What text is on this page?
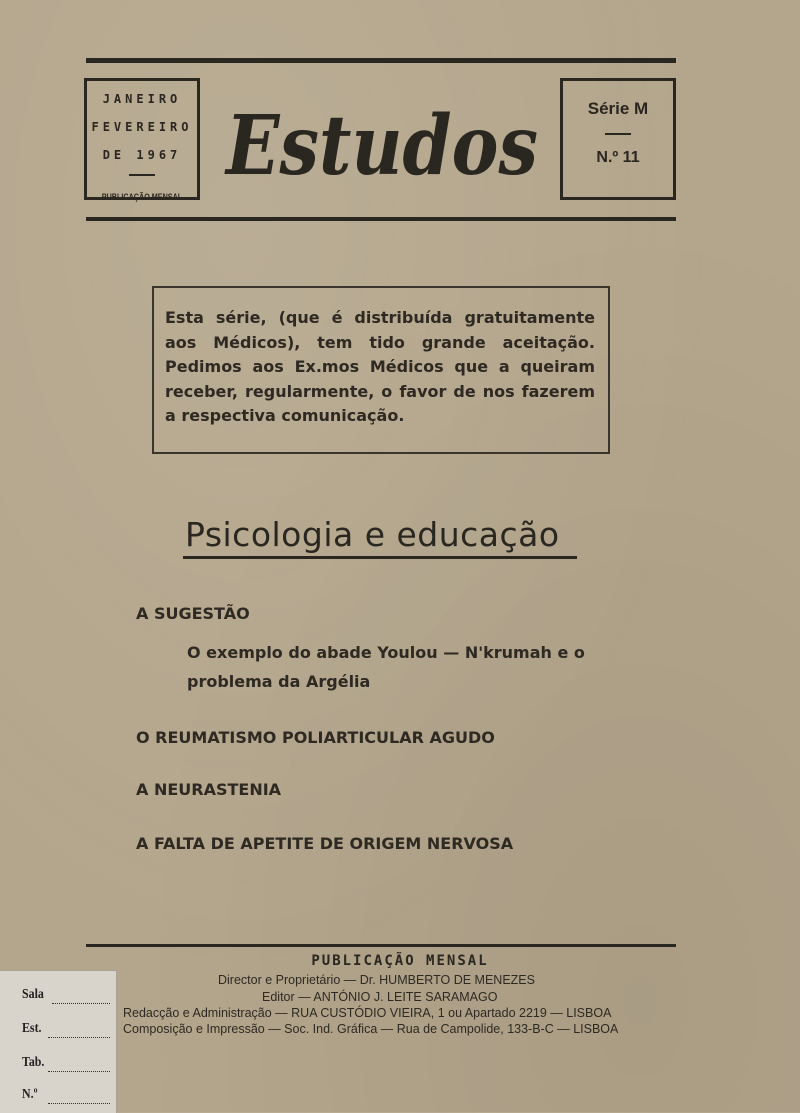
JANEIRO
FEVEREIRO
DE 1967
PUBLICAÇÃO MENSAL
Estudos	Série M
N.º 11
Esta série, (que é distribuída gratuitamente aos Médicos), tem tido grande aceitação. Pedimos aos Ex.mos Médicos que a queiram receber, regularmente, o favor de nos fazerem a respectiva comunicação.
Psicologia e educação
A SUGESTÃO
O exemplo do abade Youlou — N'krumah e o problema da Argélia
O REUMATISMO POLIARTICULAR AGUDO
A NEURASTENIA
A FALTA DE APETITE DE ORIGEM NERVOSA
PUBLICAÇÃO MENSAL
Director e Proprietário — Dr. HUMBERTO DE MENEZES
Editor — ANTÓNIO J. LEITE SARAMAGO
Redacção e Administração — RUA CUSTÓDIO VIEIRA, 1 ou Apartado 2219 — LISBOA
Composição e Impressão — Soc. Ind. Gráfica — Rua de Campolide, 133-B-C — LISBOA
Sala
Est.
Tab.
N.º
